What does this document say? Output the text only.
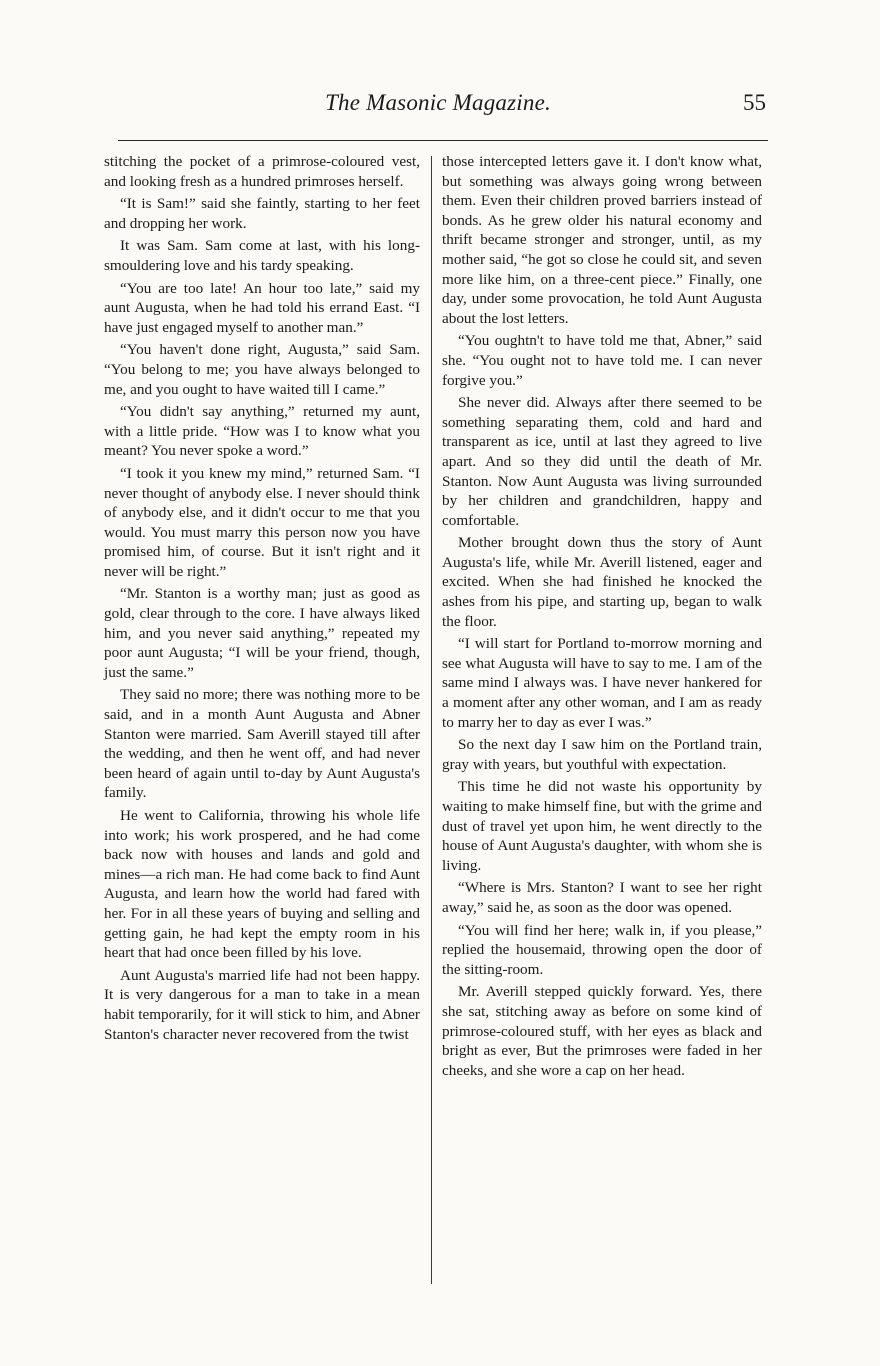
The Masonic Magazine.	55

stitching the pocket of a primrose-coloured vest, and looking fresh as a hundred primroses herself.

“It is Sam!” said she faintly, starting to her feet and dropping her work.

It was Sam. Sam come at last, with his long-smouldering love and his tardy speaking.

“You are too late! An hour too late,” said my aunt Augusta, when he had told his errand East. “I have just engaged myself to another man.”

“You haven't done right, Augusta,” said Sam. “You belong to me; you have always belonged to me, and you ought to have waited till I came.”

“You didn't say anything,” returned my aunt, with a little pride. “How was I to know what you meant? You never spoke a word.”

“I took it you knew my mind,” returned Sam. “I never thought of anybody else. I never should think of anybody else, and it didn't occur to me that you would. You must marry this person now you have promised him, of course. But it isn't right and it never will be right.”

“Mr. Stanton is a worthy man; just as good as gold, clear through to the core. I have always liked him, and you never said anything,” repeated my poor aunt Augusta; “I will be your friend, though, just the same.”

They said no more; there was nothing more to be said, and in a month Aunt Augusta and Abner Stanton were married. Sam Averill stayed till after the wedding, and then he went off, and had never been heard of again until to-day by Aunt Augusta's family.

He went to California, throwing his whole life into work; his work prospered, and he had come back now with houses and lands and gold and mines—a rich man. He had come back to find Aunt Augusta, and learn how the world had fared with her. For in all these years of buying and selling and getting gain, he had kept the empty room in his heart that had once been filled by his love.

Aunt Augusta's married life had not been happy. It is very dangerous for a man to take in a mean habit temporarily, for it will stick to him, and Abner Stanton's character never recovered from the twist

those intercepted letters gave it. I don't know what, but something was always going wrong between them. Even their children proved barriers instead of bonds. As he grew older his natural economy and thrift became stronger and stronger, until, as my mother said, “he got so close he could sit, and seven more like him, on a three-cent piece.” Finally, one day, under some provocation, he told Aunt Augusta about the lost letters.

“You oughtn't to have told me that, Abner,” said she. “You ought not to have told me. I can never forgive you.”

She never did. Always after there seemed to be something separating them, cold and hard and transparent as ice, until at last they agreed to live apart. And so they did until the death of Mr. Stanton. Now Aunt Augusta was living surrounded by her children and grandchildren, happy and comfortable.

Mother brought down thus the story of Aunt Augusta's life, while Mr. Averill listened, eager and excited. When she had finished he knocked the ashes from his pipe, and starting up, began to walk the floor.

“I will start for Portland to-morrow morning and see what Augusta will have to say to me. I am of the same mind I always was. I have never hankered for a moment after any other woman, and I am as ready to marry her to day as ever I was.”

So the next day I saw him on the Portland train, gray with years, but youthful with expectation.

This time he did not waste his opportunity by waiting to make himself fine, but with the grime and dust of travel yet upon him, he went directly to the house of Aunt Augusta's daughter, with whom she is living.

“Where is Mrs. Stanton? I want to see her right away,” said he, as soon as the door was opened.

“You will find her here; walk in, if you please,” replied the housemaid, throwing open the door of the sitting-room.

Mr. Averill stepped quickly forward. Yes, there she sat, stitching away as before on some kind of primrose-coloured stuff, with her eyes as black and bright as ever, But the primroses were faded in her cheeks, and she wore a cap on her head.
